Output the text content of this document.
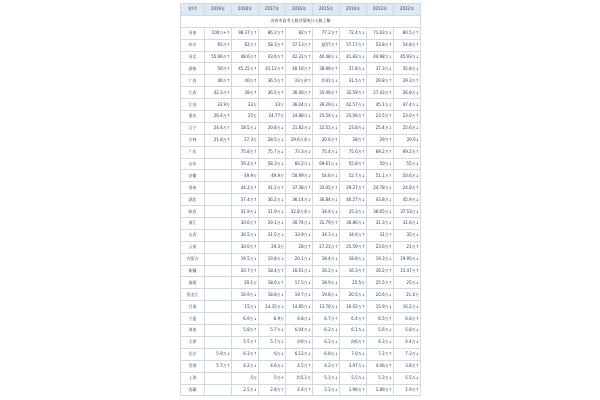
省/市	2019年	2018年	2017年	2016年	2015年	2014年	2013年	2012年
各省市高考人数详情统计人数了解								
河南	100万+↑	98.37万↑	86.2万↑	82万↑	77.2万↑	72.4万↓	71.63万↓	80.5万↑
四川	65万↑	62万↑	58.3万↑	57.13万↑	超57万↑	57.17万↑	53.8万↑	54.8万↑
河北	55.96万↑	48.6万↑	43.6万↑	42.31万↑	40.48万↓	41.82万↓	44.98万↓	45.93万↓
湖南	50万↑	45.25万↑	41.12万↑	40.16万↑	38.99万↑	37.8万↓	37.3万↓	35.8万↓
广西	46万↑	40万↑	36.5万↑	33万余↑	约31万↓	31.5万↑	29.8万↑	29.3万↑
江西	42.3万↑	38万↑	36.5万↑	36.06万↑	35.46万↑	32.59万↑	27.43万↑	26.8万↓
江苏	33.9万	33万	33万	36.04万↓	39.29万↓	42.57万↓	45.1万↓	47.4万↓
重庆	26.4万↑	25万	24.77万	24.88万↓	25.54万↓	25.06万↑	23.5万↑	23.0万↑
辽宁	24.4万↑	18.5万↓	20.8万↓	21.82万↓	22.51万↓	23.8万↓	25.4万↓	25.6万↓
吉林	21.8万↑	27.3万	28.5万↓	29.6万余↓	30.6万↑	28万↑	29万↑	29.6↓
广东		75.8万↑	75.7万↓	73.3万↓	75.4万↓	75.6万↑	69.2万↑	69.2万↑
山东		59.2万↑	58.3万↓	60.2万↓	69.61万↓	55.8万↑	50万↓	55万↓
安徽		49.9万	49.9万	50.99万↓	54.6万↓	52.7万↓	51.1万↑	50.6万↓
贵州		44.2万↑	41.2万↑	37.38万↑	33.05万↑	29.27万↑	24.78万↓	24.8万↑
湖北		37.4万↑	36.2万↓	36.14万↓	36.84万↓	40.27万↓	43.8万↓	45.9万↓
陕西		31.9万↓	31.9万↓	32.8万余↓	34.4万↓	35.3万↓	36.65万↓	37.53万↓
浙江		30.6万↑	29.1万↓	30.74万↓	31.79万↑	30.86万↓	31.3万↓	31.6万↓
山西		30.5万↓	31.5万↓	33.9万↓	34.1万↓	34.6万↑	31万↑	35万↓
云南		30.0万↑	29.3万	28万↑	27.21万↑	25.59万↑	23.6万↑	21万↑
内蒙古		19.5万↓	19.8万↓	20.1万↓	18.4万↓	18.8万↓	19.3万↓	19.95万↓
新疆		20.7万↑	18.4万↑	16.61万↓	16.2万↓	16.3万↑	16.2万↑	15.47万↑
福建		20.1万	18.6万↑	17.5万↓	18.9万↓	25.5万	25.5万↑	25万↓
黑龙江		16.9万↓	18.8万↓	19.7万↓	19.8万↓	20.5万↓	20.6万↓	21.6万
甘肃		15万↓	14.35万↓	14.85万↓	13.76万↓	16.02万↑	15.9万↓	16.2万↓
宁夏		6.9万↓	6.9万	6.8万↓	6.7万↑	6.4万↑	6.5万↑	6.6万↑
海南		5.8万↑	5.7万↓	6.04万↓	6.2万↓	6.1万↓	5.6万↓	5.8万↓
天津		5.5万↑	5.7万↓	约6万↓	6.1万↓	约6万↑	6.3万↓	6.4万↓
北京	5.9万↓	6.3万↑	6万↓	6.12万↓	6.8万↓	7.0万↓	7.2万↑	7.3万↓
青海	5.7万↑	4.2万↓	4.6万↓	4.5万↑	4.2万↑	3.97万↓	4.06万↑	3.8万↑
上海		5万	5万+	约5.1万	5.1万↓	5.5万↓	5.3万↓	5.5万↓
西藏		2.5万↓	2.8万↑	2.4万↑	2.1万↓	1.96万↑	1.89万↑	1.9万↑
